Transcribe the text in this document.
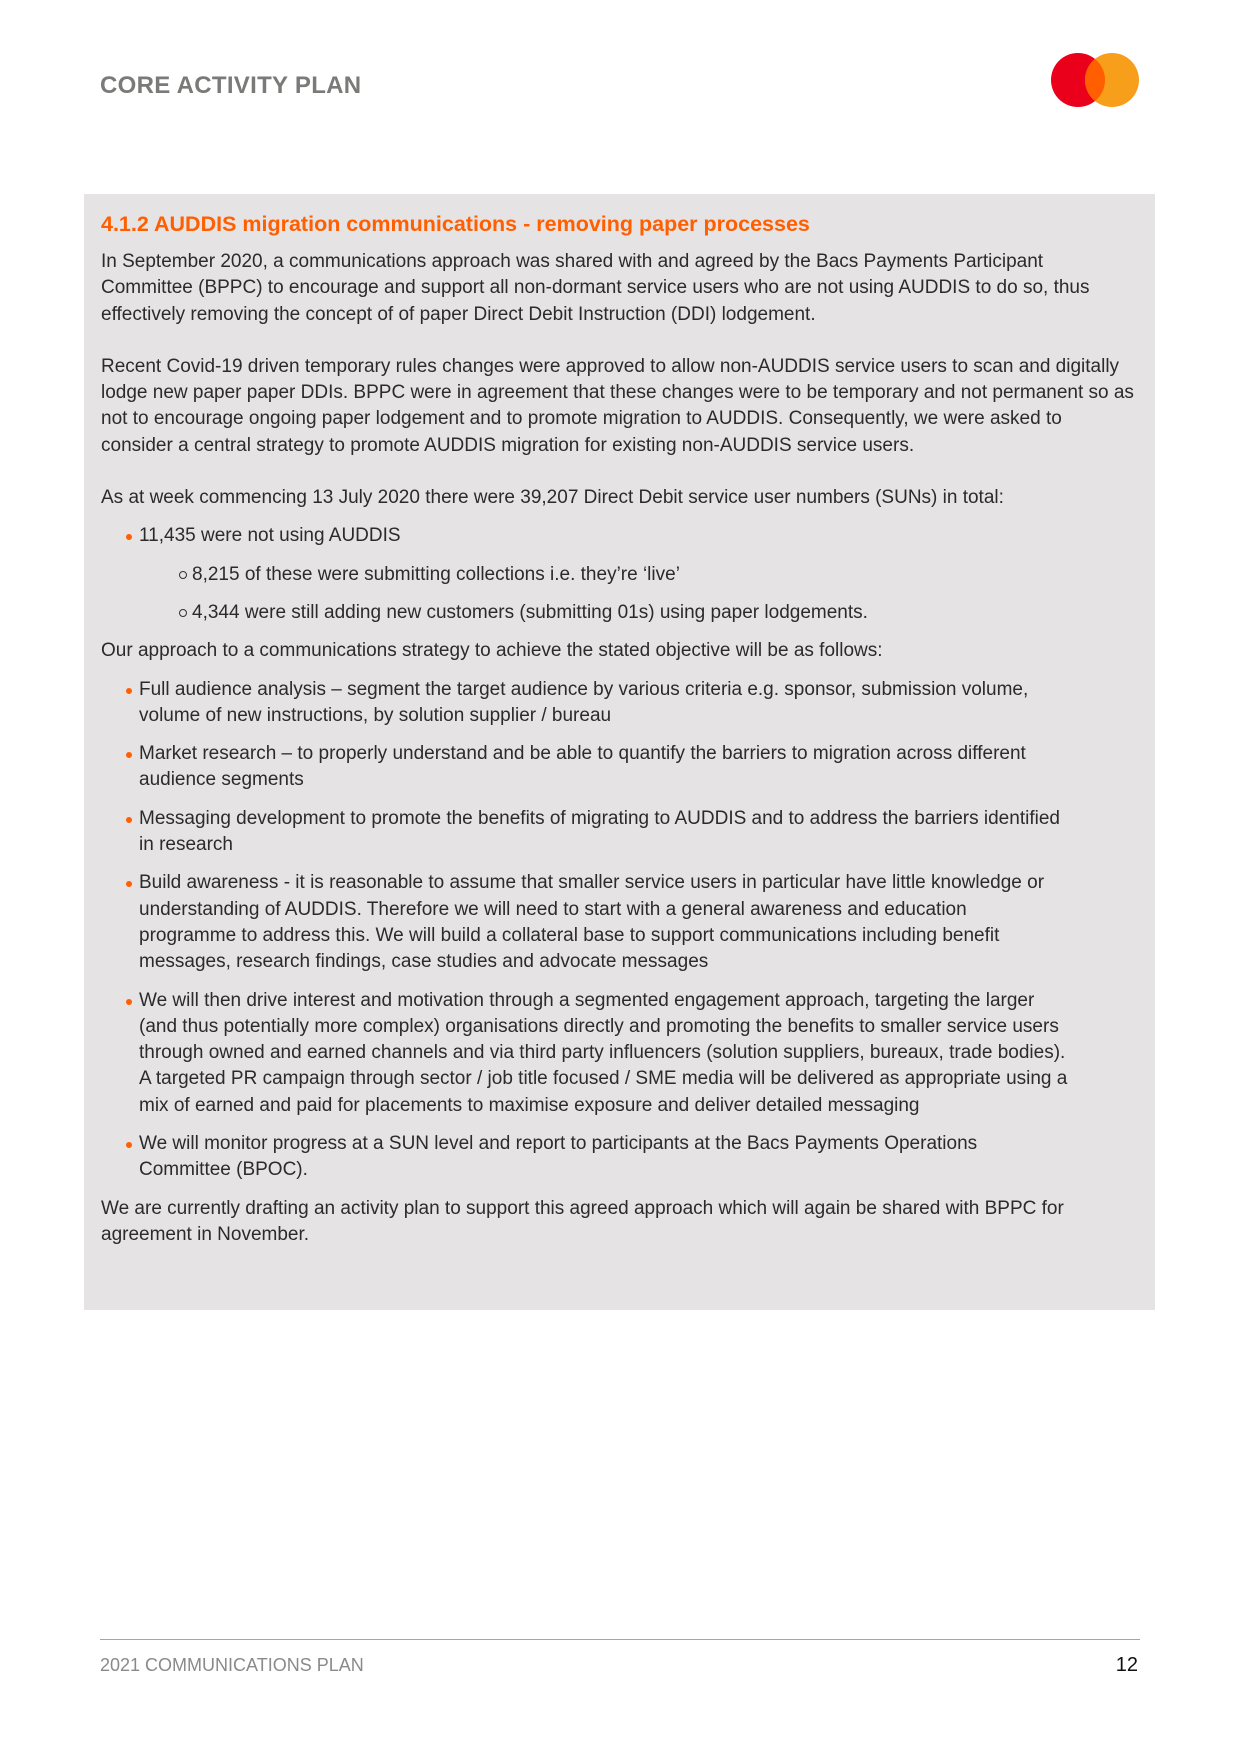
CORE ACTIVITY PLAN
4.1.2 AUDDIS migration communications - removing paper processes

In September 2020, a communications approach was shared with and agreed by the Bacs Payments Participant Committee (BPPC) to encourage and support all non-dormant service users who are not using AUDDIS to do so, thus effectively removing the concept of of paper Direct Debit Instruction (DDI) lodgement.

Recent Covid-19 driven temporary rules changes were approved to allow non-AUDDIS service users to scan and digitally lodge new paper paper DDIs. BPPC were in agreement that these changes were to be temporary and not permanent so as not to encourage ongoing paper lodgement and to promote migration to AUDDIS. Consequently, we were asked to consider a central strategy to promote AUDDIS migration for existing non-AUDDIS service users.

As at week commencing 13 July 2020 there were 39,207 Direct Debit service user numbers (SUNs) in total:

11,435 were not using AUDDIS
8,215 of these were submitting collections i.e. they’re ‘live’
4,344 were still adding new customers (submitting 01s) using paper lodgements.

Our approach to a communications strategy to achieve the stated objective will be as follows:

Full audience analysis – segment the target audience by various criteria e.g. sponsor, submission volume, volume of new instructions, by solution supplier / bureau
Market research – to properly understand and be able to quantify the barriers to migration across different audience segments
Messaging development to promote the benefits of migrating to AUDDIS and to address the barriers identified in research
Build awareness - it is reasonable to assume that smaller service users in particular have little knowledge or understanding of AUDDIS. Therefore we will need to start with a general awareness and education programme to address this. We will build a collateral base to support communications including benefit messages, research findings, case studies and advocate messages
We will then drive interest and motivation through a segmented engagement approach, targeting the larger (and thus potentially more complex) organisations directly and promoting the benefits to smaller service users through owned and earned channels and via third party influencers (solution suppliers, bureaux, trade bodies). A targeted PR campaign through sector / job title focused / SME media will be delivered as appropriate using a mix of earned and paid for placements to maximise exposure and deliver detailed messaging
We will monitor progress at a SUN level and report to participants at the Bacs Payments Operations Committee (BPOC).

We are currently drafting an activity plan to support this agreed approach which will again be shared with BPPC for agreement in November.

2021 COMMUNICATIONS PLAN	12
